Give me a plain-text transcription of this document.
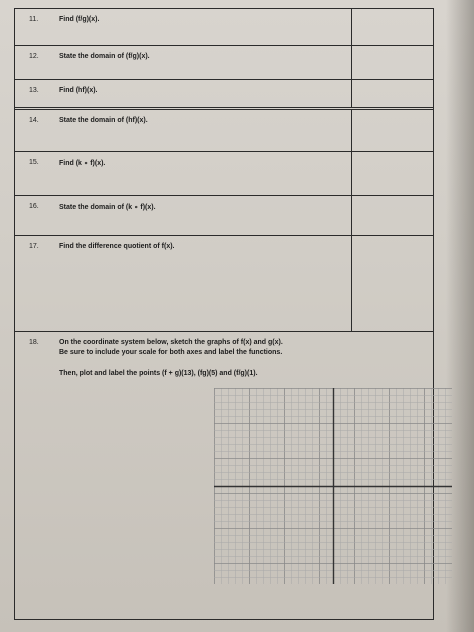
11.	Find (f/g)(x).
12.	State the domain of (f/g)(x).
13.	Find (hf)(x).
14.	State the domain of (hf)(x).
15.	Find (k ∘ f)(x).
16.	State the domain of (k ∘ f)(x).
17.	Find the difference quotient of f(x).
18.	On the coordinate system below, sketch the graphs of f(x) and g(x).
Be sure to include your scale for both axes and label the functions.
Then, plot and label the points (f + g)(13), (fg)(5) and (f/g)(1).
